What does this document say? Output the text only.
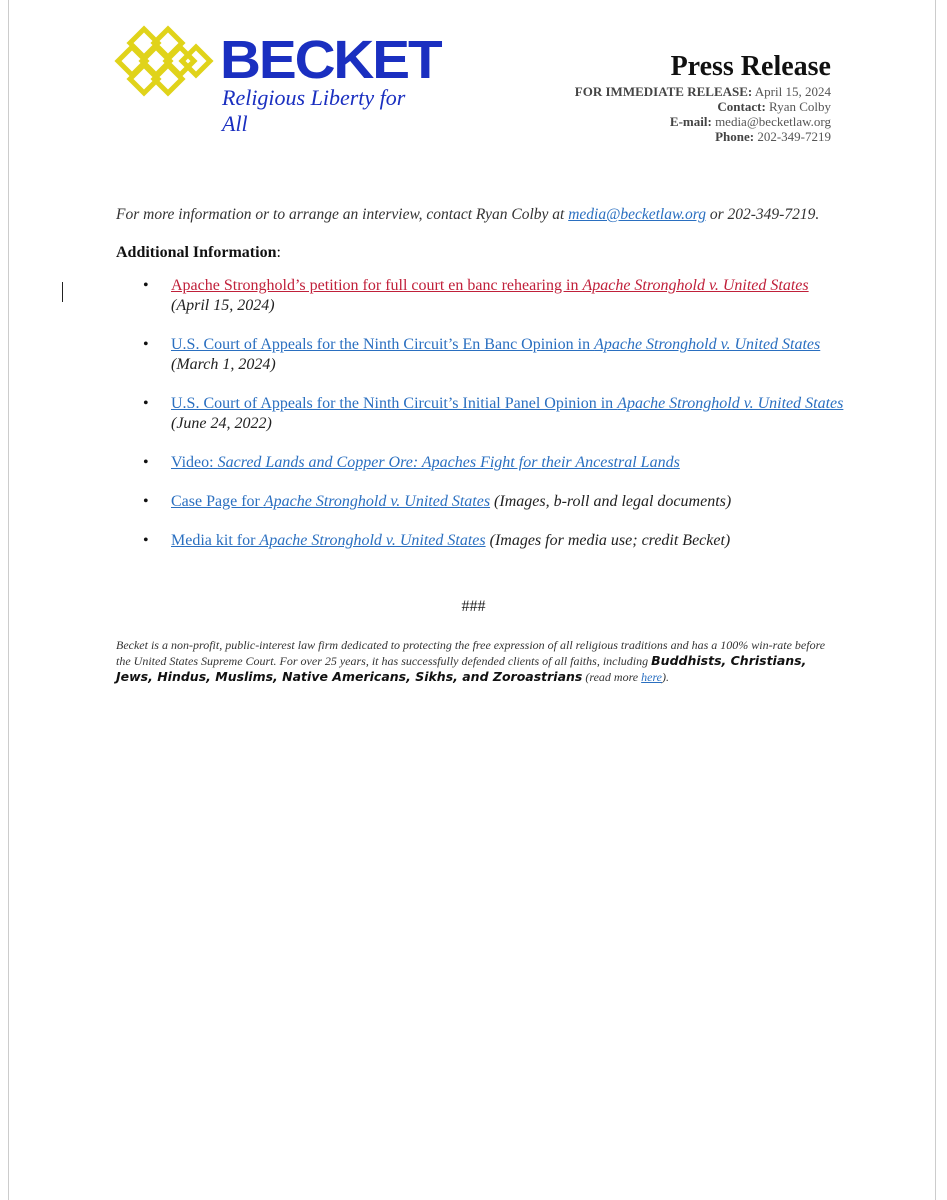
BECKET
Religious Liberty for All
Press Release
FOR IMMEDIATE RELEASE: April 15, 2024
Contact: Ryan Colby
E-mail: media@becketlaw.org
Phone: 202-349-7219
For more information or to arrange an interview, contact Ryan Colby at media@becketlaw.org or 202-349-7219.
Additional Information:
• Apache Stronghold’s petition for full court en banc rehearing in Apache Stronghold v. United States
(April 15, 2024)
• U.S. Court of Appeals for the Ninth Circuit’s En Banc Opinion in Apache Stronghold v. United States
(March 1, 2024)
• U.S. Court of Appeals for the Ninth Circuit’s Initial Panel Opinion in Apache Stronghold v. United States
(June 24, 2022)
• Video: Sacred Lands and Copper Ore: Apaches Fight for their Ancestral Lands
• Case Page for Apache Stronghold v. United States (Images, b-roll and legal documents)
• Media kit for Apache Stronghold v. United States (Images for media use; credit Becket)
###
Becket is a non-profit, public-interest law firm dedicated to protecting the free expression of all religious traditions and has a 100% win-rate before the United States Supreme Court. For over 25 years, it has successfully defended clients of all faiths, including Buddhists, Christians, Jews, Hindus, Muslims, Native Americans, Sikhs, and Zoroastrians (read more here).
